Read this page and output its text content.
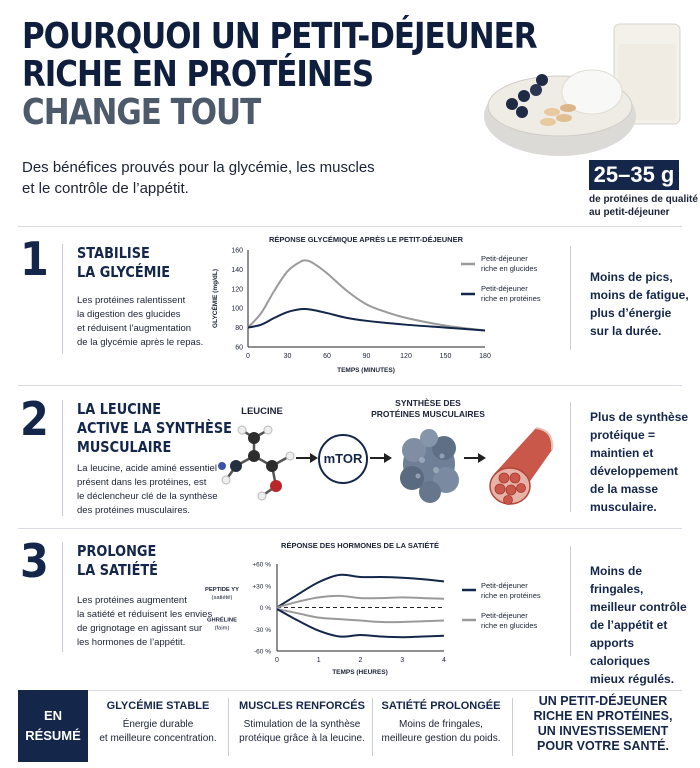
POURQUOI UN PETIT-DÉJEUNER
RICHE EN PROTÉINES
CHANGE TOUT
Des bénéfices prouvés pour la glycémie, les muscles
et le contrôle de l’appétit.
25–35 g
de protéines de qualité
au petit-déjeuner
1 STABILISE
LA GLYCÉMIE
Les protéines ralentissent
la digestion des glucides
et réduisent l’augmentation
de la glycémie après le repas.
Moins de pics,
moins de fatigue,
plus d’énergie
sur la durée.
RÉPONSE GLYCÉMIQUE APRÈS LE PETIT-DÉJEUNER
60
80
100
120
140
160
0	30	60	90	120	150	180
TEMPS (MINUTES)
GLYCÉMIE (mg/dL)
Petit-déjeuner
riche en glucides
Petit-déjeuner
riche en protéines
2 LA LEUCINE
ACTIVE LA SYNTHÈSE
MUSCULAIRE
La leucine, acide aminé essentiel
présent dans les protéines, est
le déclencheur clé de la synthèse
des protéines musculaires.
LEUCINE
mTOR
SYNTHÈSE DES
PROTÉINES MUSCULAIRES	Plus de synthèse
protéique =
maintien et
développement
de la masse
musculaire.
3 PROLONGE
LA SATIÉTÉ
Les protéines augmentent
la satiété et réduisent les envies
de grignotage en agissant sur
les hormones de l’appétit.
Moins de fringales,
meilleur contrôle
de l’appétit et
apports caloriques
mieux régulés.
RÉPONSE DES HORMONES DE LA SATIÉTÉ
+60 %
+30 %
0 %
-30 %
-60 %
0	1	2	3	4
TEMPS (HEURES)
PEPTIDE YY
(satiété)
GHRÉLINE
(faim)
Petit-déjeuner
riche en protéines
Petit-déjeuner
riche en glucides
EN
RÉSUMÉ
GLYCÉMIE STABLE
Énergie durable
et meilleure concentration.
MUSCLES RENFORCÉS
Stimulation de la synthèse
protéique grâce à la leucine.
SATIÉTÉ PROLONGÉE
Moins de fringales,
meilleure gestion du poids.
UN PETIT-DÉJEUNER
RICHE EN PROTÉINES,
UN INVESTISSEMENT
POUR VOTRE SANTÉ.
